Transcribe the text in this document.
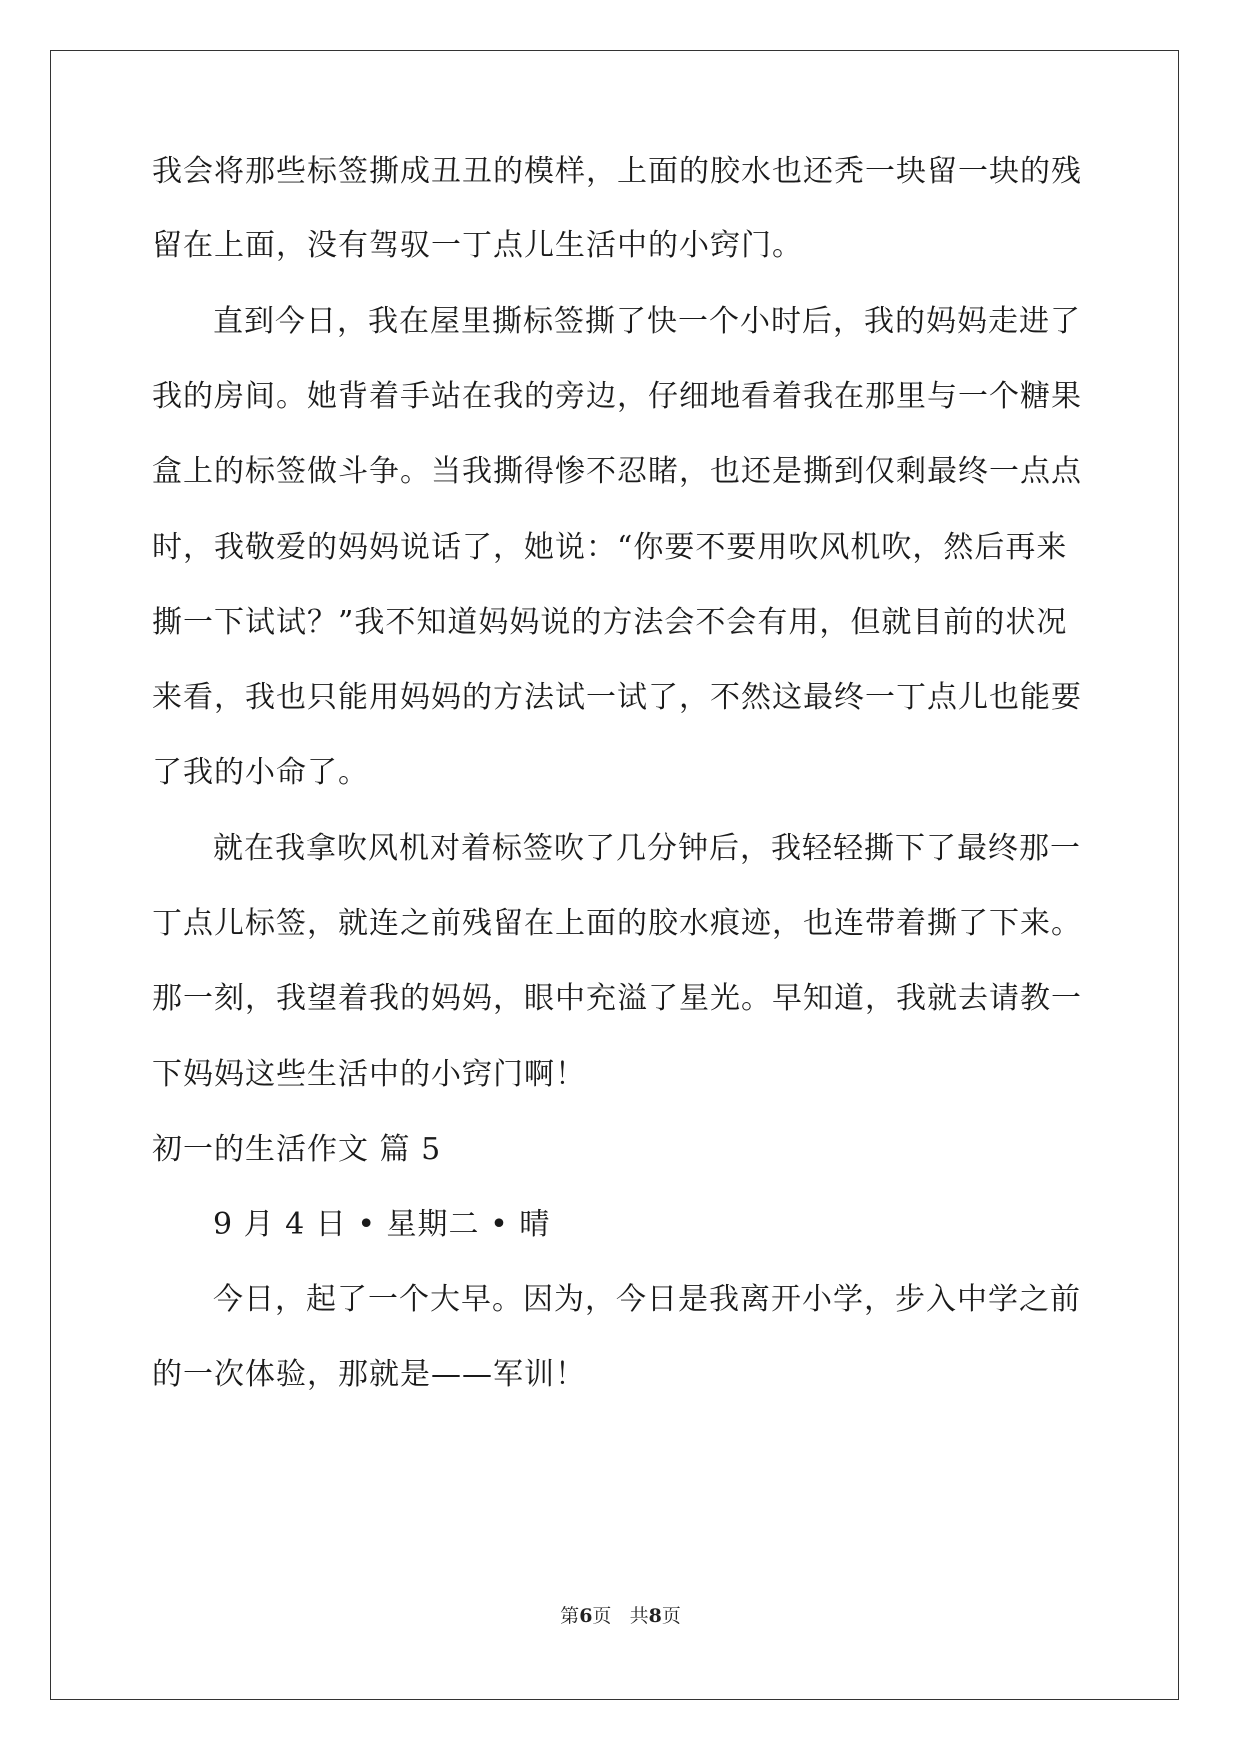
我会将那些标签撕成丑丑的模样，上面的胶水也还秃一块留一块的残
留在上面，没有驾驭一丁点儿生活中的小窍门。
直到今日，我在屋里撕标签撕了快一个小时后，我的妈妈走进了
我的房间。她背着手站在我的旁边，仔细地看着我在那里与一个糖果
盒上的标签做斗争。当我撕得惨不忍睹，也还是撕到仅剩最终一点点
时，我敬爱的妈妈说话了，她说：“你要不要用吹风机吹，然后再来
撕一下试试？”我不知道妈妈说的方法会不会有用，但就目前的状况
来看，我也只能用妈妈的方法试一试了，不然这最终一丁点儿也能要
了我的小命了。
就在我拿吹风机对着标签吹了几分钟后，我轻轻撕下了最终那一
丁点儿标签，就连之前残留在上面的胶水痕迹，也连带着撕了下来。
那一刻，我望着我的妈妈，眼中充溢了星光。早知道，我就去请教一
下妈妈这些生活中的小窍门啊！
初一的生活作文 篇 5
9 月 4 日 • 星期二 • 晴
今日，起了一个大早。因为，今日是我离开小学，步入中学之前
的一次体验，那就是——军训！
第6页 共8页
